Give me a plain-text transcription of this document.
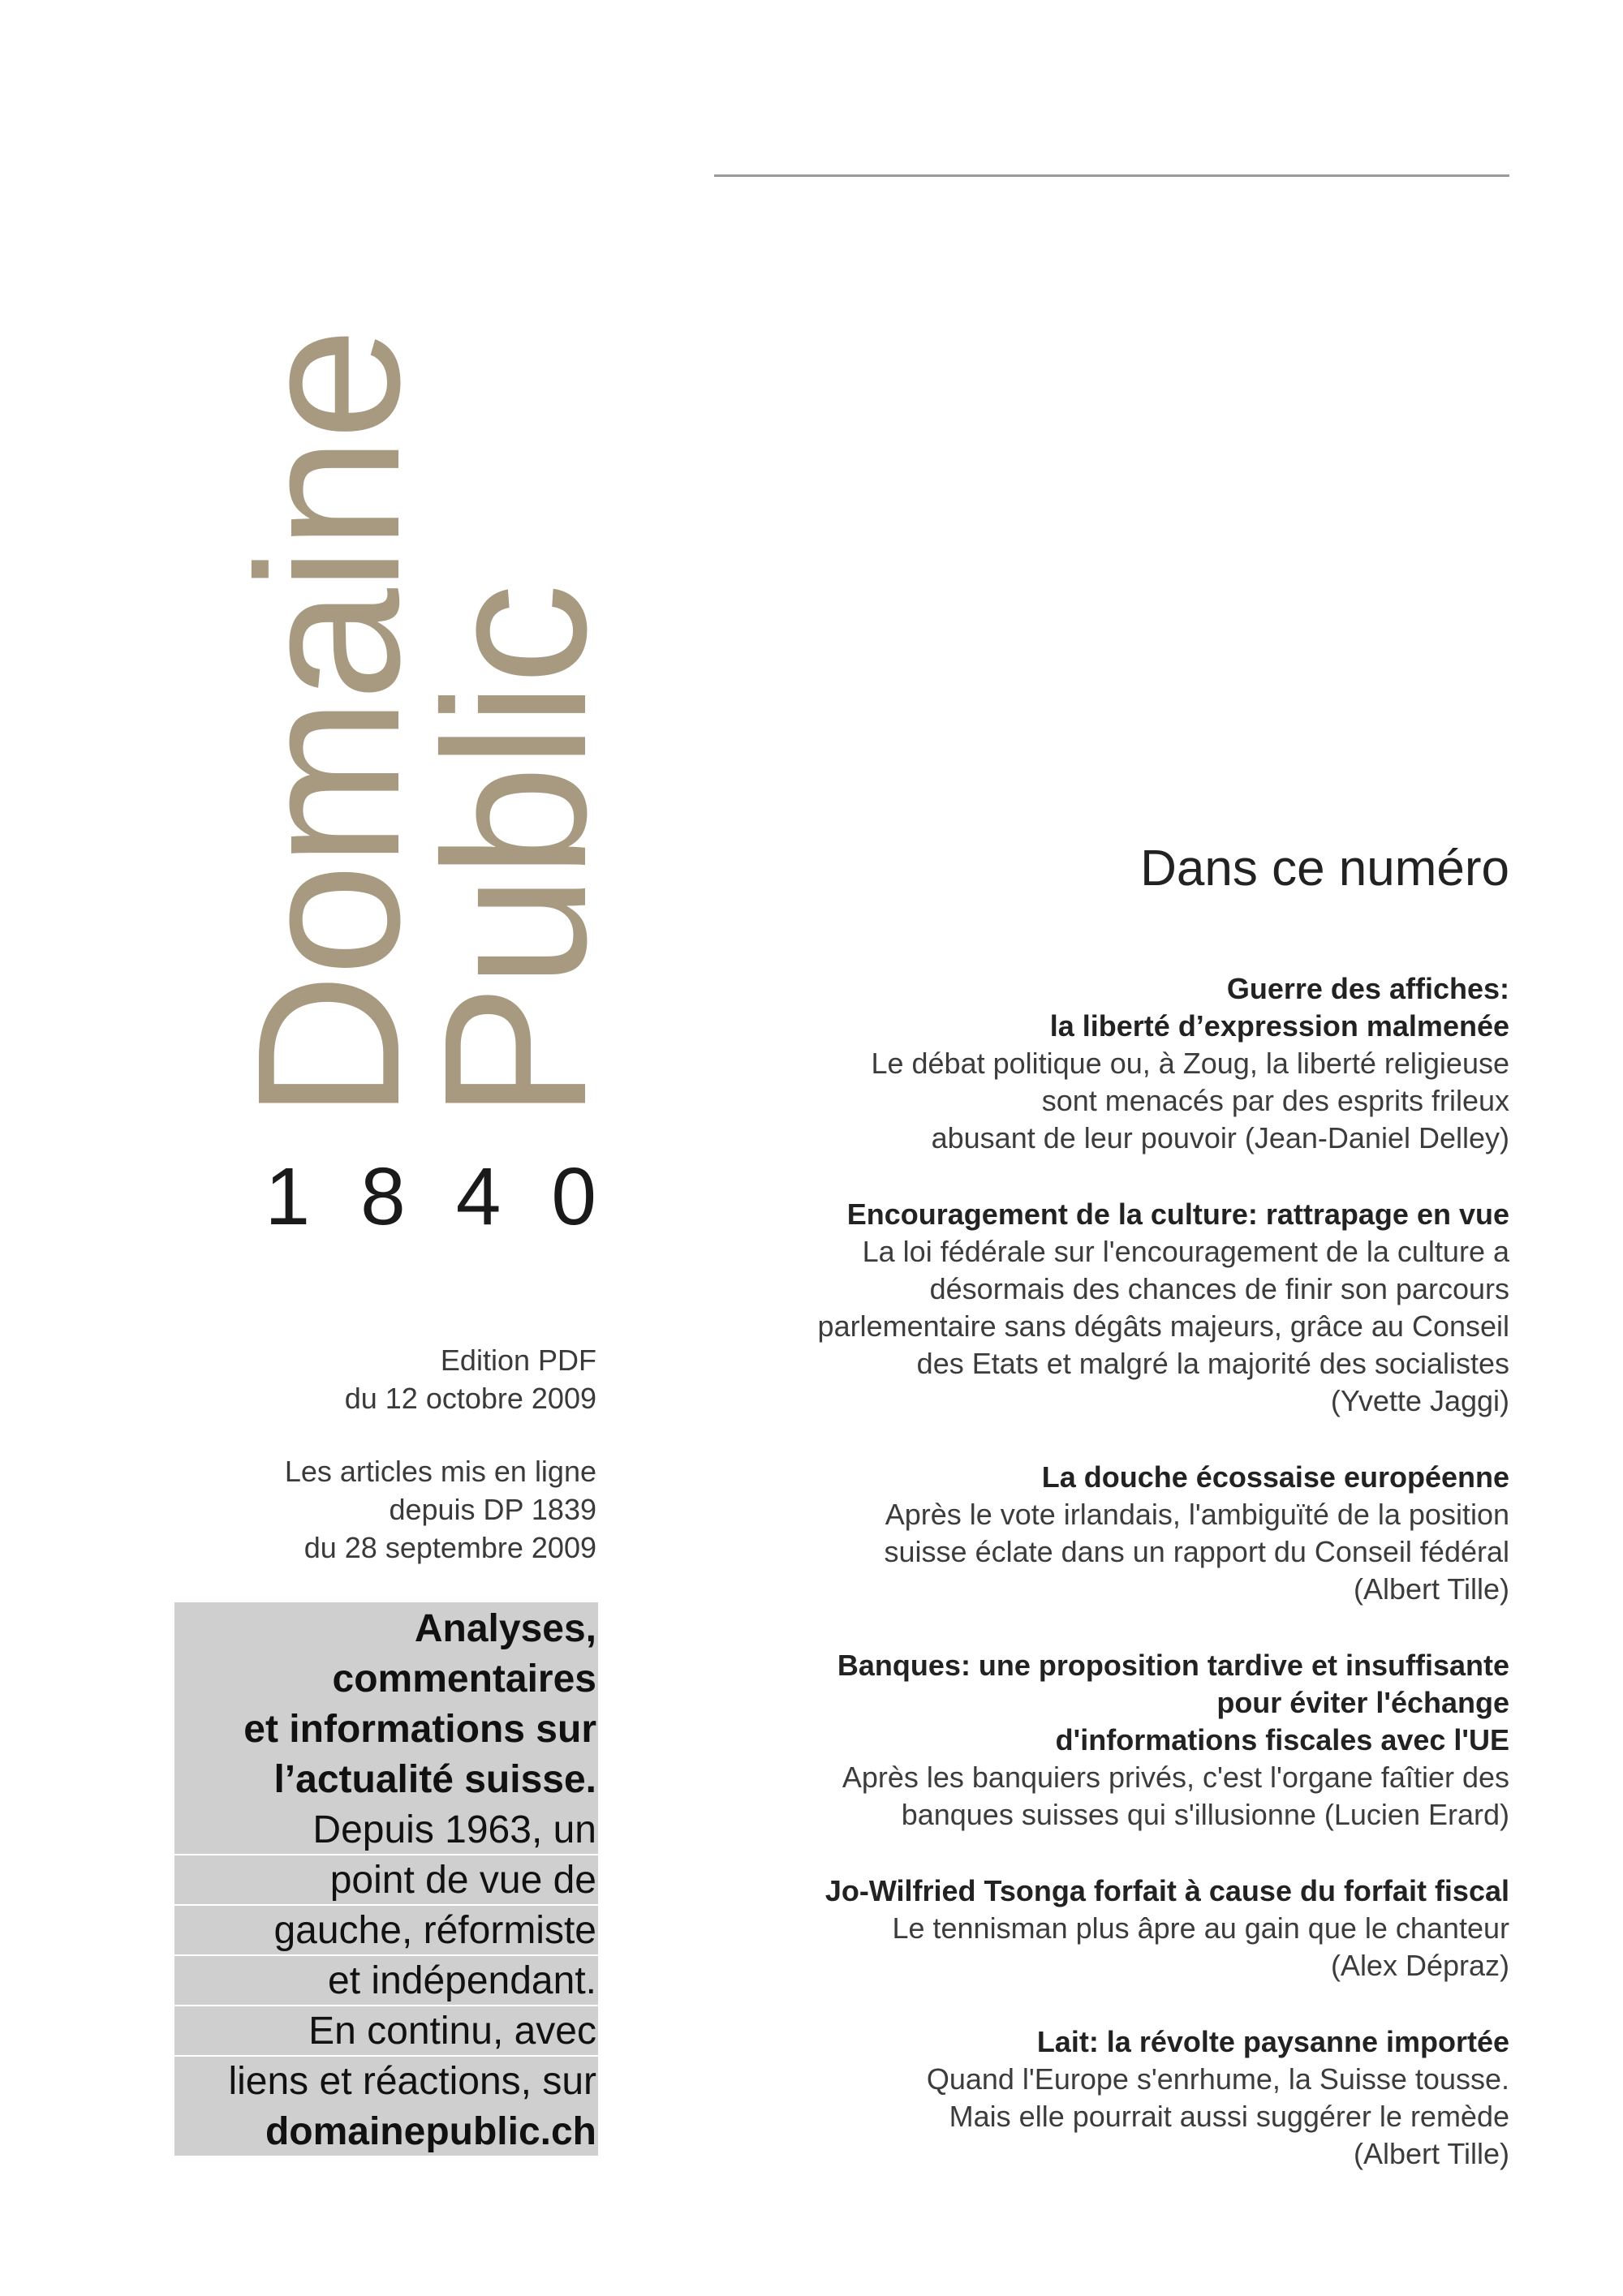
Domaine
Public
1840
Edition PDF
du 12 octobre 2009
Les articles mis en ligne
depuis DP 1839
du 28 septembre 2009
Analyses,
commentaires
et informations sur
l’actualité suisse.
Depuis 1963, un
point de vue de
gauche, réformiste
et indépendant.
En continu, avec
liens et réactions, sur
domainepublic.ch
Dans ce numéro
Guerre des affiches:
la liberté d’expression malmenée
Le débat politique ou, à Zoug, la liberté religieuse
sont menacés par des esprits frileux
abusant de leur pouvoir (Jean-Daniel Delley)
Encouragement de la culture: rattrapage en vue
La loi fédérale sur l'encouragement de la culture a
désormais des chances de finir son parcours
parlementaire sans dégâts majeurs, grâce au Conseil
des Etats et malgré la majorité des socialistes
(Yvette Jaggi)
La douche écossaise européenne
Après le vote irlandais, l'ambiguïté de la position
suisse éclate dans un rapport du Conseil fédéral
(Albert Tille)
Banques: une proposition tardive et insuffisante
pour éviter l'échange
d'informations fiscales avec l'UE
Après les banquiers privés, c'est l'organe faîtier des
banques suisses qui s'illusionne (Lucien Erard)
Jo-Wilfried Tsonga forfait à cause du forfait fiscal
Le tennisman plus âpre au gain que le chanteur
(Alex Dépraz)
Lait: la révolte paysanne importée
Quand l'Europe s'enrhume, la Suisse tousse.
Mais elle pourrait aussi suggérer le remède
(Albert Tille)
